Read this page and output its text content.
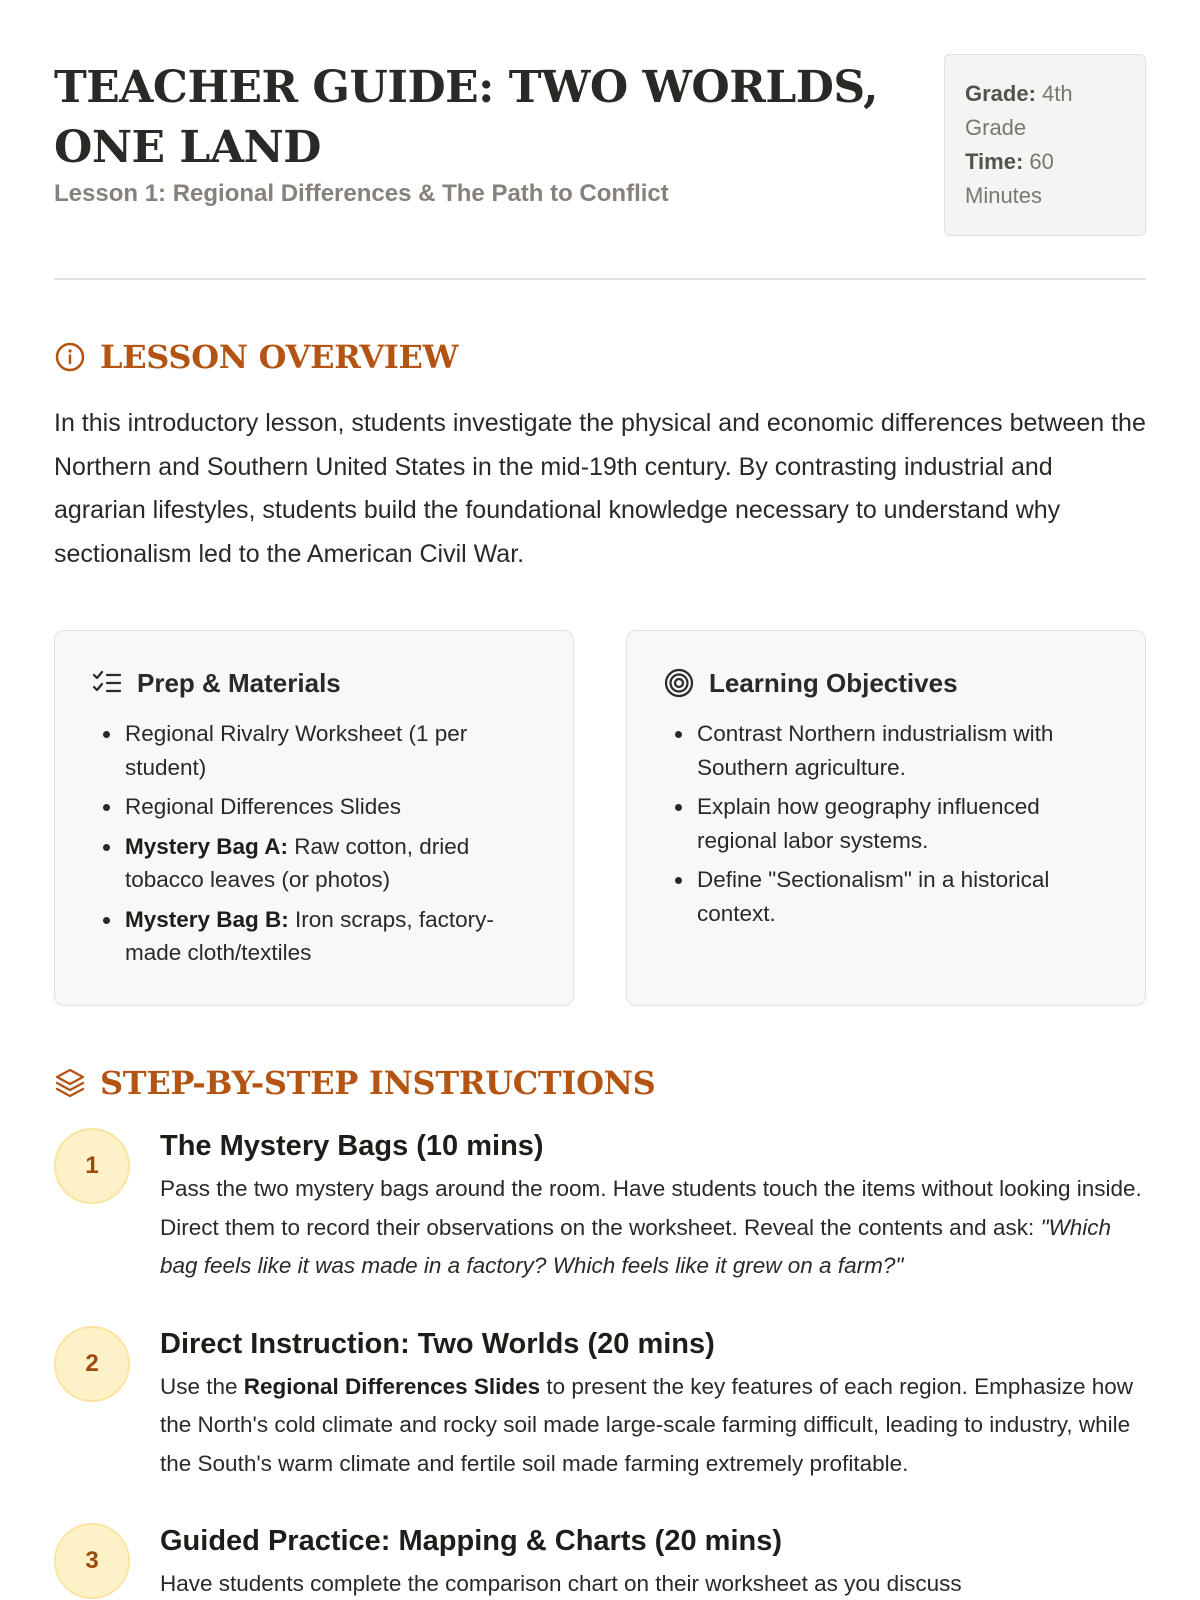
TEACHER GUIDE: TWO WORLDS, ONE LAND
Lesson 1: Regional Differences & The Path to Conflict
Grade: 4th Grade
Time: 60 Minutes
LESSON OVERVIEW

In this introductory lesson, students investigate the physical and economic differences between the Northern and Southern United States in the mid-19th century. By contrasting industrial and agrarian lifestyles, students build the foundational knowledge necessary to understand why sectionalism led to the American Civil War.

Prep & Materials
• Regional Rivalry Worksheet (1 per student)
• Regional Differences Slides
• Mystery Bag A: Raw cotton, dried tobacco leaves (or photos)
• Mystery Bag B: Iron scraps, factory-made cloth/textiles
Learning Objectives
• Contrast Northern industrialism with Southern agriculture.
• Explain how geography influenced regional labor systems.
• Define "Sectionalism" in a historical context.
STEP-BY-STEP INSTRUCTIONS
1
The Mystery Bags (10 mins)

Pass the two mystery bags around the room. Have students touch the items without looking inside. Direct them to record their observations on the worksheet. Reveal the contents and ask: "Which bag feels like it was made in a factory? Which feels like it grew on a farm?"

2
Direct Instruction: Two Worlds (20 mins)

Use the Regional Differences Slides to present the key features of each region. Emphasize how the North's cold climate and rocky soil made large-scale farming difficult, leading to industry, while the South's warm climate and fertile soil made farming extremely profitable.

3
Guided Practice: Mapping & Charts (20 mins)

Have students complete the comparison chart on their worksheet as you discuss
